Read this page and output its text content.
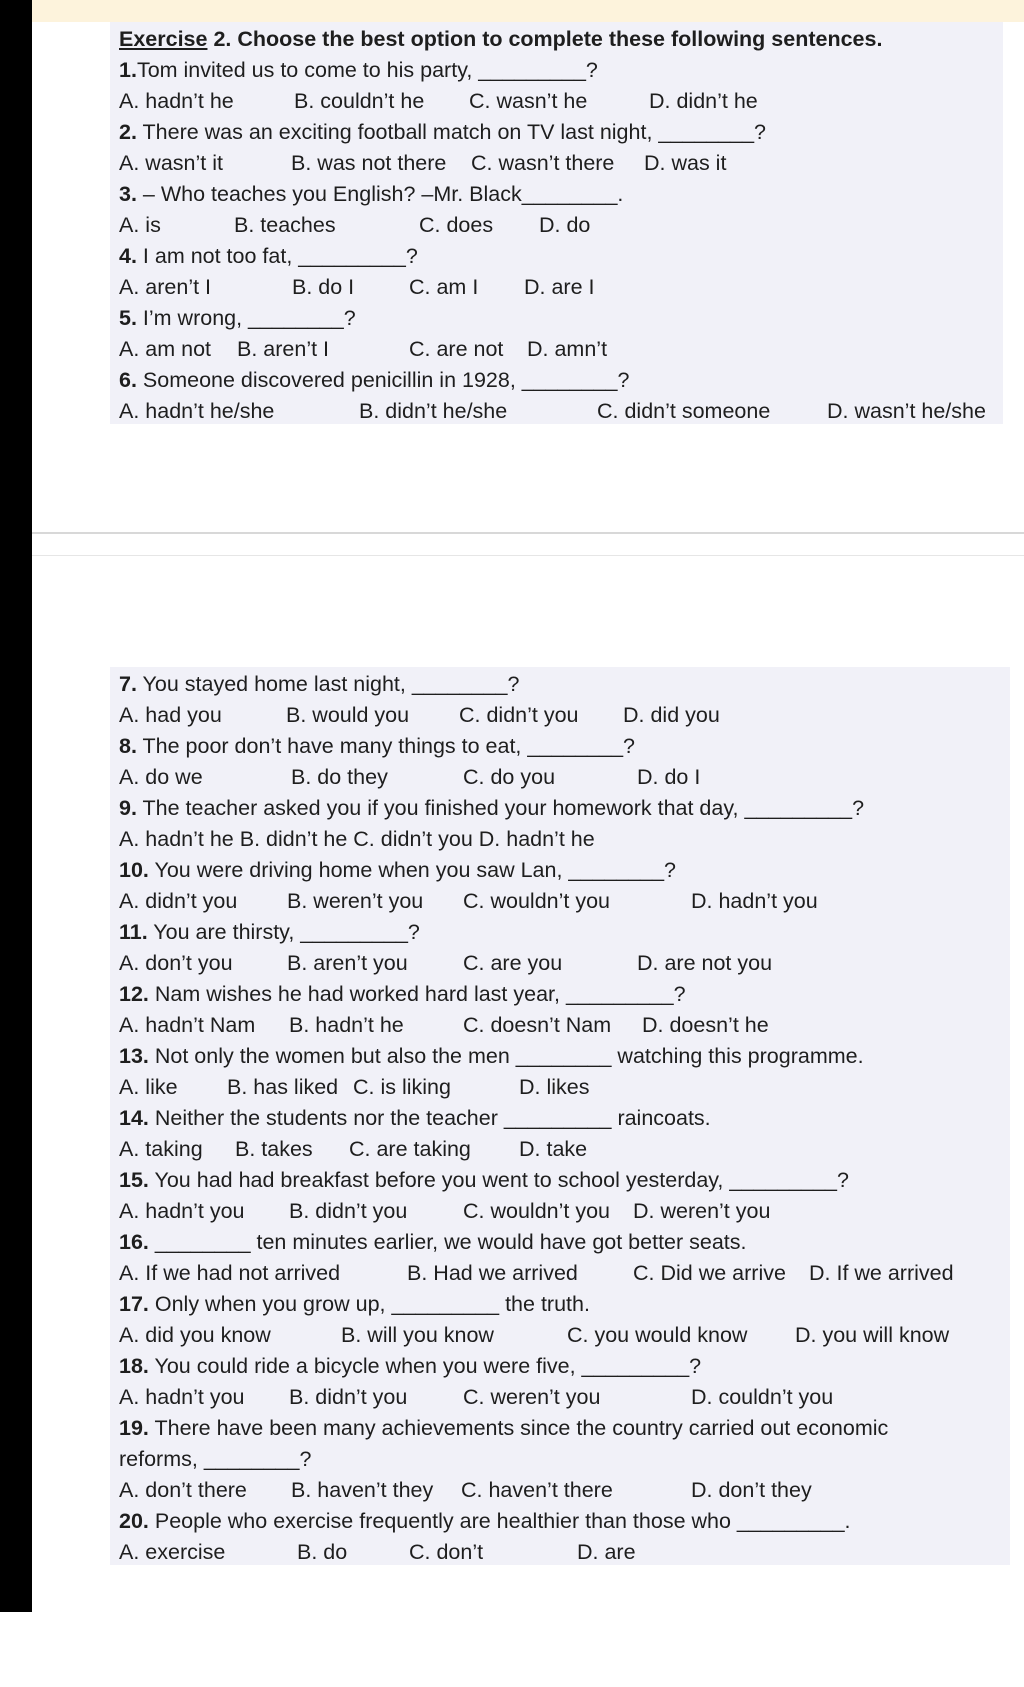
Exercise 2. Choose the best option to complete these following sentences.
1.Tom invited us to come to his party, _________?

A. hadn’t he

	B. couldn’t he

C. wasn’t he

	D. didn’t he

2. There was an exciting football match on TV last night, ________?

A. wasn’t it

	B. was not there

C. wasn’t there

D. was it

3. – Who teaches you English? –Mr. Black________.

A. is

	B. teaches

	C. does

D. do

4. I am not too fat, _________?

A. aren’t I

	B. do I

	C. am I

D. are I

5. I’m wrong, ________?

A. am not

B. aren’t I

	C. are not

D. amn’t

6. Someone discovered penicillin in 1928, ________?

A. hadn’t he/she

	B. didn’t he/she

	C. didn’t someone

	D. wasn’t he/she

7. You stayed home last night, ________?

A. had you

	B. would you

C. didn’t you

D. did you

8. The poor don’t have many things to eat, ________?

A. do we

	B. do they

	C. do you

	D. do I

9. The teacher asked you if you finished your homework that day, _________?

A. hadn’t he B. didn’t he C. didn’t you D. hadn’t he

10. You were driving home when you saw Lan, ________?

A. didn’t you

B. weren’t you

C. wouldn’t you

	D. hadn’t you

11. You are thirsty, _________?

A. don’t you

	B. aren’t you

	C. are you

	D. are not you

12. Nam wishes he had worked hard last year, _________?

A. hadn’t Nam

B. hadn’t he

	C. doesn’t Nam

D. doesn’t he

13. Not only the women but also the men ________ watching this programme.

A. like

B. has liked

C. is liking

	D. likes

14. Neither the students nor the teacher _________ raincoats.

A. taking

B. takes

C. are taking

D. take

15. You had had breakfast before you went to school yesterday, _________?

A. hadn’t you

B. didn’t you

	C. wouldn’t you

D. weren’t you

16. ________ ten minutes earlier, we would have got better seats.

A. If we had not arrived

	B. Had we arrived

	C. Did we arrive

D. If we arrived

17. Only when you grow up, _________ the truth.

A. did you know

	B. will you know

	C. you would know

D. you will know

18. You could ride a bicycle when you were five, _________?

A. hadn’t you

B. didn’t you

	C. weren’t you

	D. couldn’t you

19. There have been many achievements since the country carried out economic
reforms, ________?

A. don’t there

B. haven’t they

C. haven’t there

	D. don’t they

20. People who exercise frequently are healthier than those who _________.

A. exercise

	B. do

	C. don’t

	D. are
